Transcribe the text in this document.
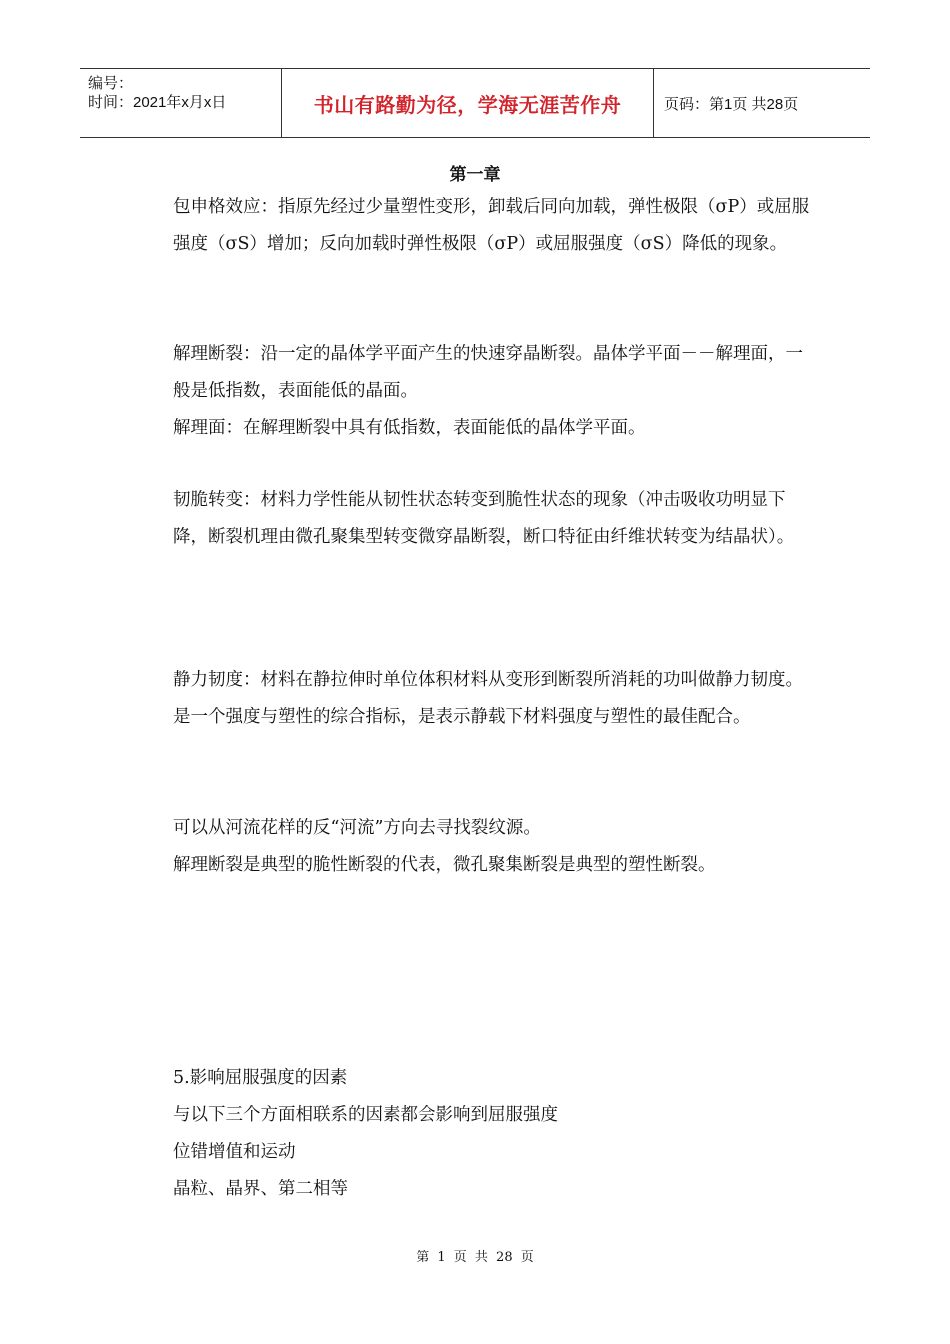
编号：
时间：2021年x月x日	书山有路勤为径，学海无涯苦作舟	页码：第1页 共28页
第一章

包申格效应：指原先经过少量塑性变形，卸载后同向加载，弹性极限（σP）或屈服强度（σS）增加；反向加载时弹性极限（σP）或屈服强度（σS）降低的现象。

解理断裂：沿一定的晶体学平面产生的快速穿晶断裂。晶体学平面－－解理面，一般是低指数，表面能低的晶面。

解理面：在解理断裂中具有低指数，表面能低的晶体学平面。

韧脆转变：材料力学性能从韧性状态转变到脆性状态的现象（冲击吸收功明显下降，断裂机理由微孔聚集型转变微穿晶断裂，断口特征由纤维状转变为结晶状）。

静力韧度：材料在静拉伸时单位体积材料从变形到断裂所消耗的功叫做静力韧度。是一个强度与塑性的综合指标，是表示静载下材料强度与塑性的最佳配合。

可以从河流花样的反“河流”方向去寻找裂纹源。

解理断裂是典型的脆性断裂的代表，微孔聚集断裂是典型的塑性断裂。

5.影响屈服强度的因素

与以下三个方面相联系的因素都会影响到屈服强度

位错增值和运动

晶粒、晶界、第二相等

第 1 页 共 28 页
